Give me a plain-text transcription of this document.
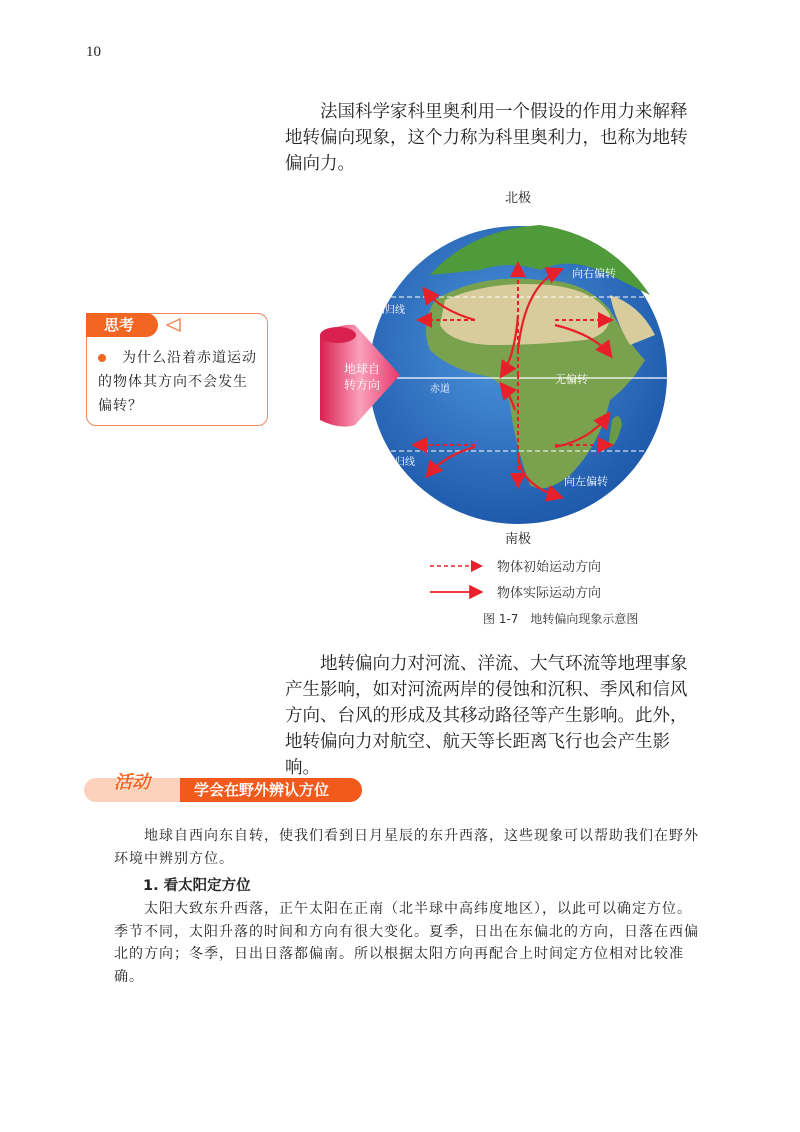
10

法国科学家科里奥利用一个假设的作用力来解释地转偏向现象，这个力称为科里奥利力，也称为地转偏向力。

思考
为什么沿着赤道运动的物体其方向不会发生偏转？
北极
地球自
转方向
北回归线
赤道
南回归线
向右偏转
无偏转
向左偏转
南极
物体初始运动方向
物体实际运动方向
图 1-7　地转偏向现象示意图

地转偏向力对河流、洋流、大气环流等地理事象产生影响，如对河流两岸的侵蚀和沉积、季风和信风方向、台风的形成及其移动路径等产生影响。此外，地转偏向力对航空、航天等长距离飞行也会产生影响。

活动	学会在野外辨认方位

地球自西向东自转，使我们看到日月星辰的东升西落，这些现象可以帮助我们在野外环境中辨别方位。

1. 看太阳定方位

太阳大致东升西落，正午太阳在正南（北半球中高纬度地区），以此可以确定方位。季节不同，太阳升落的时间和方向有很大变化。夏季，日出在东偏北的方向，日落在西偏北的方向；冬季，日出日落都偏南。所以根据太阳方向再配合上时间定方位相对比较准确。
